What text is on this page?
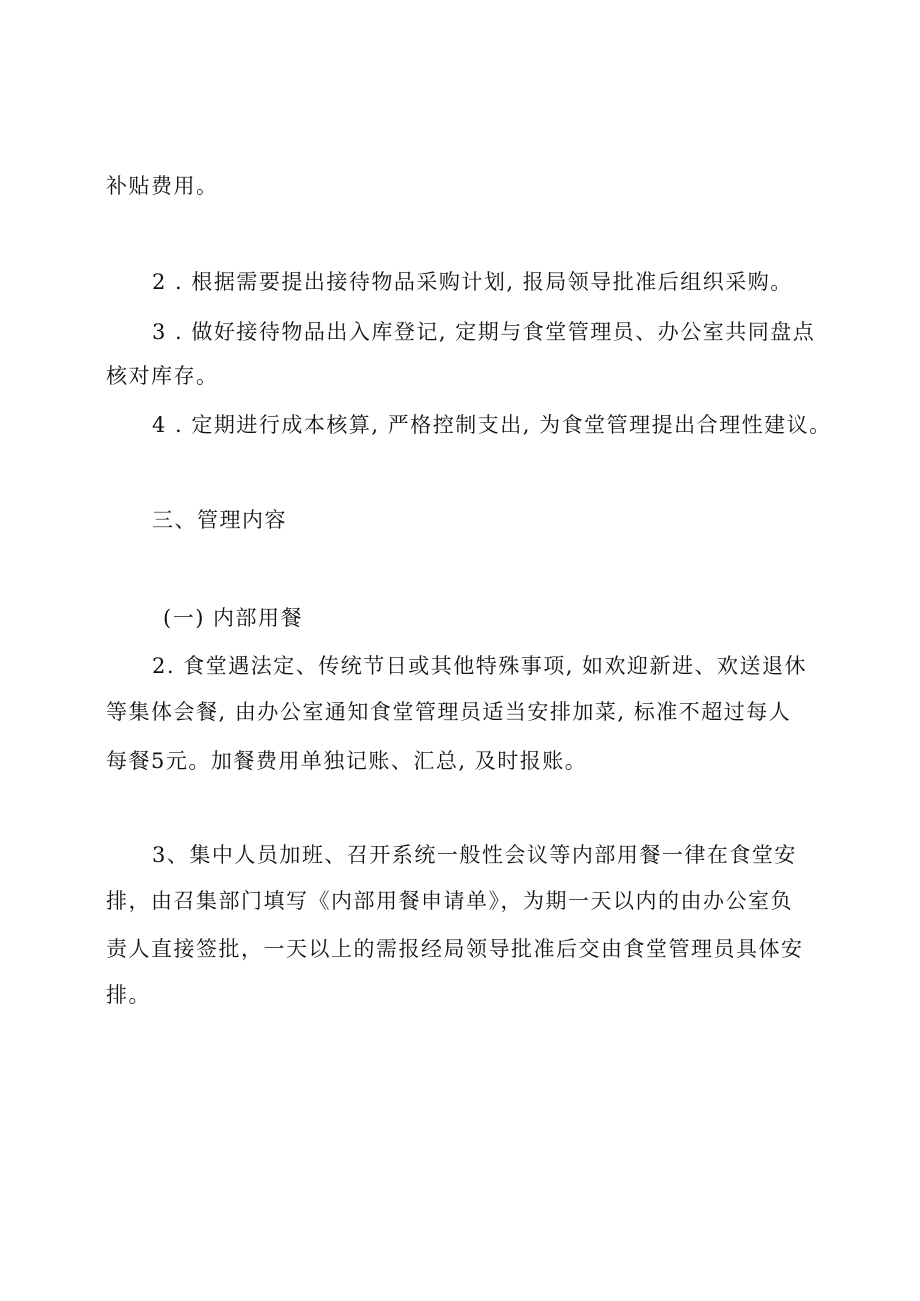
补贴费用。
2 . 根据需要提出接待物品采购计划, 报局领导批准后组织采购。
3 . 做好接待物品出入库登记, 定期与食堂管理员、办公室共同盘点
核对库存。
4 . 定期进行成本核算, 严格控制支出, 为食堂管理提出合理性建议。
三、管理内容
(一) 内部用餐
2. 食堂遇法定、传统节日或其他特殊事项, 如欢迎新进、欢送退休
等集体会餐, 由办公室通知食堂管理员适当安排加菜, 标准不超过每人
每餐5元。加餐费用单独记账、汇总, 及时报账。
3、集中人员加班、召开系统一般性会议等内部用餐一律在食堂安
排，由召集部门填写《内部用餐申请单》，为期一天以内的由办公室负
责人直接签批，一天以上的需报经局领导批准后交由食堂管理员具体安
排。
